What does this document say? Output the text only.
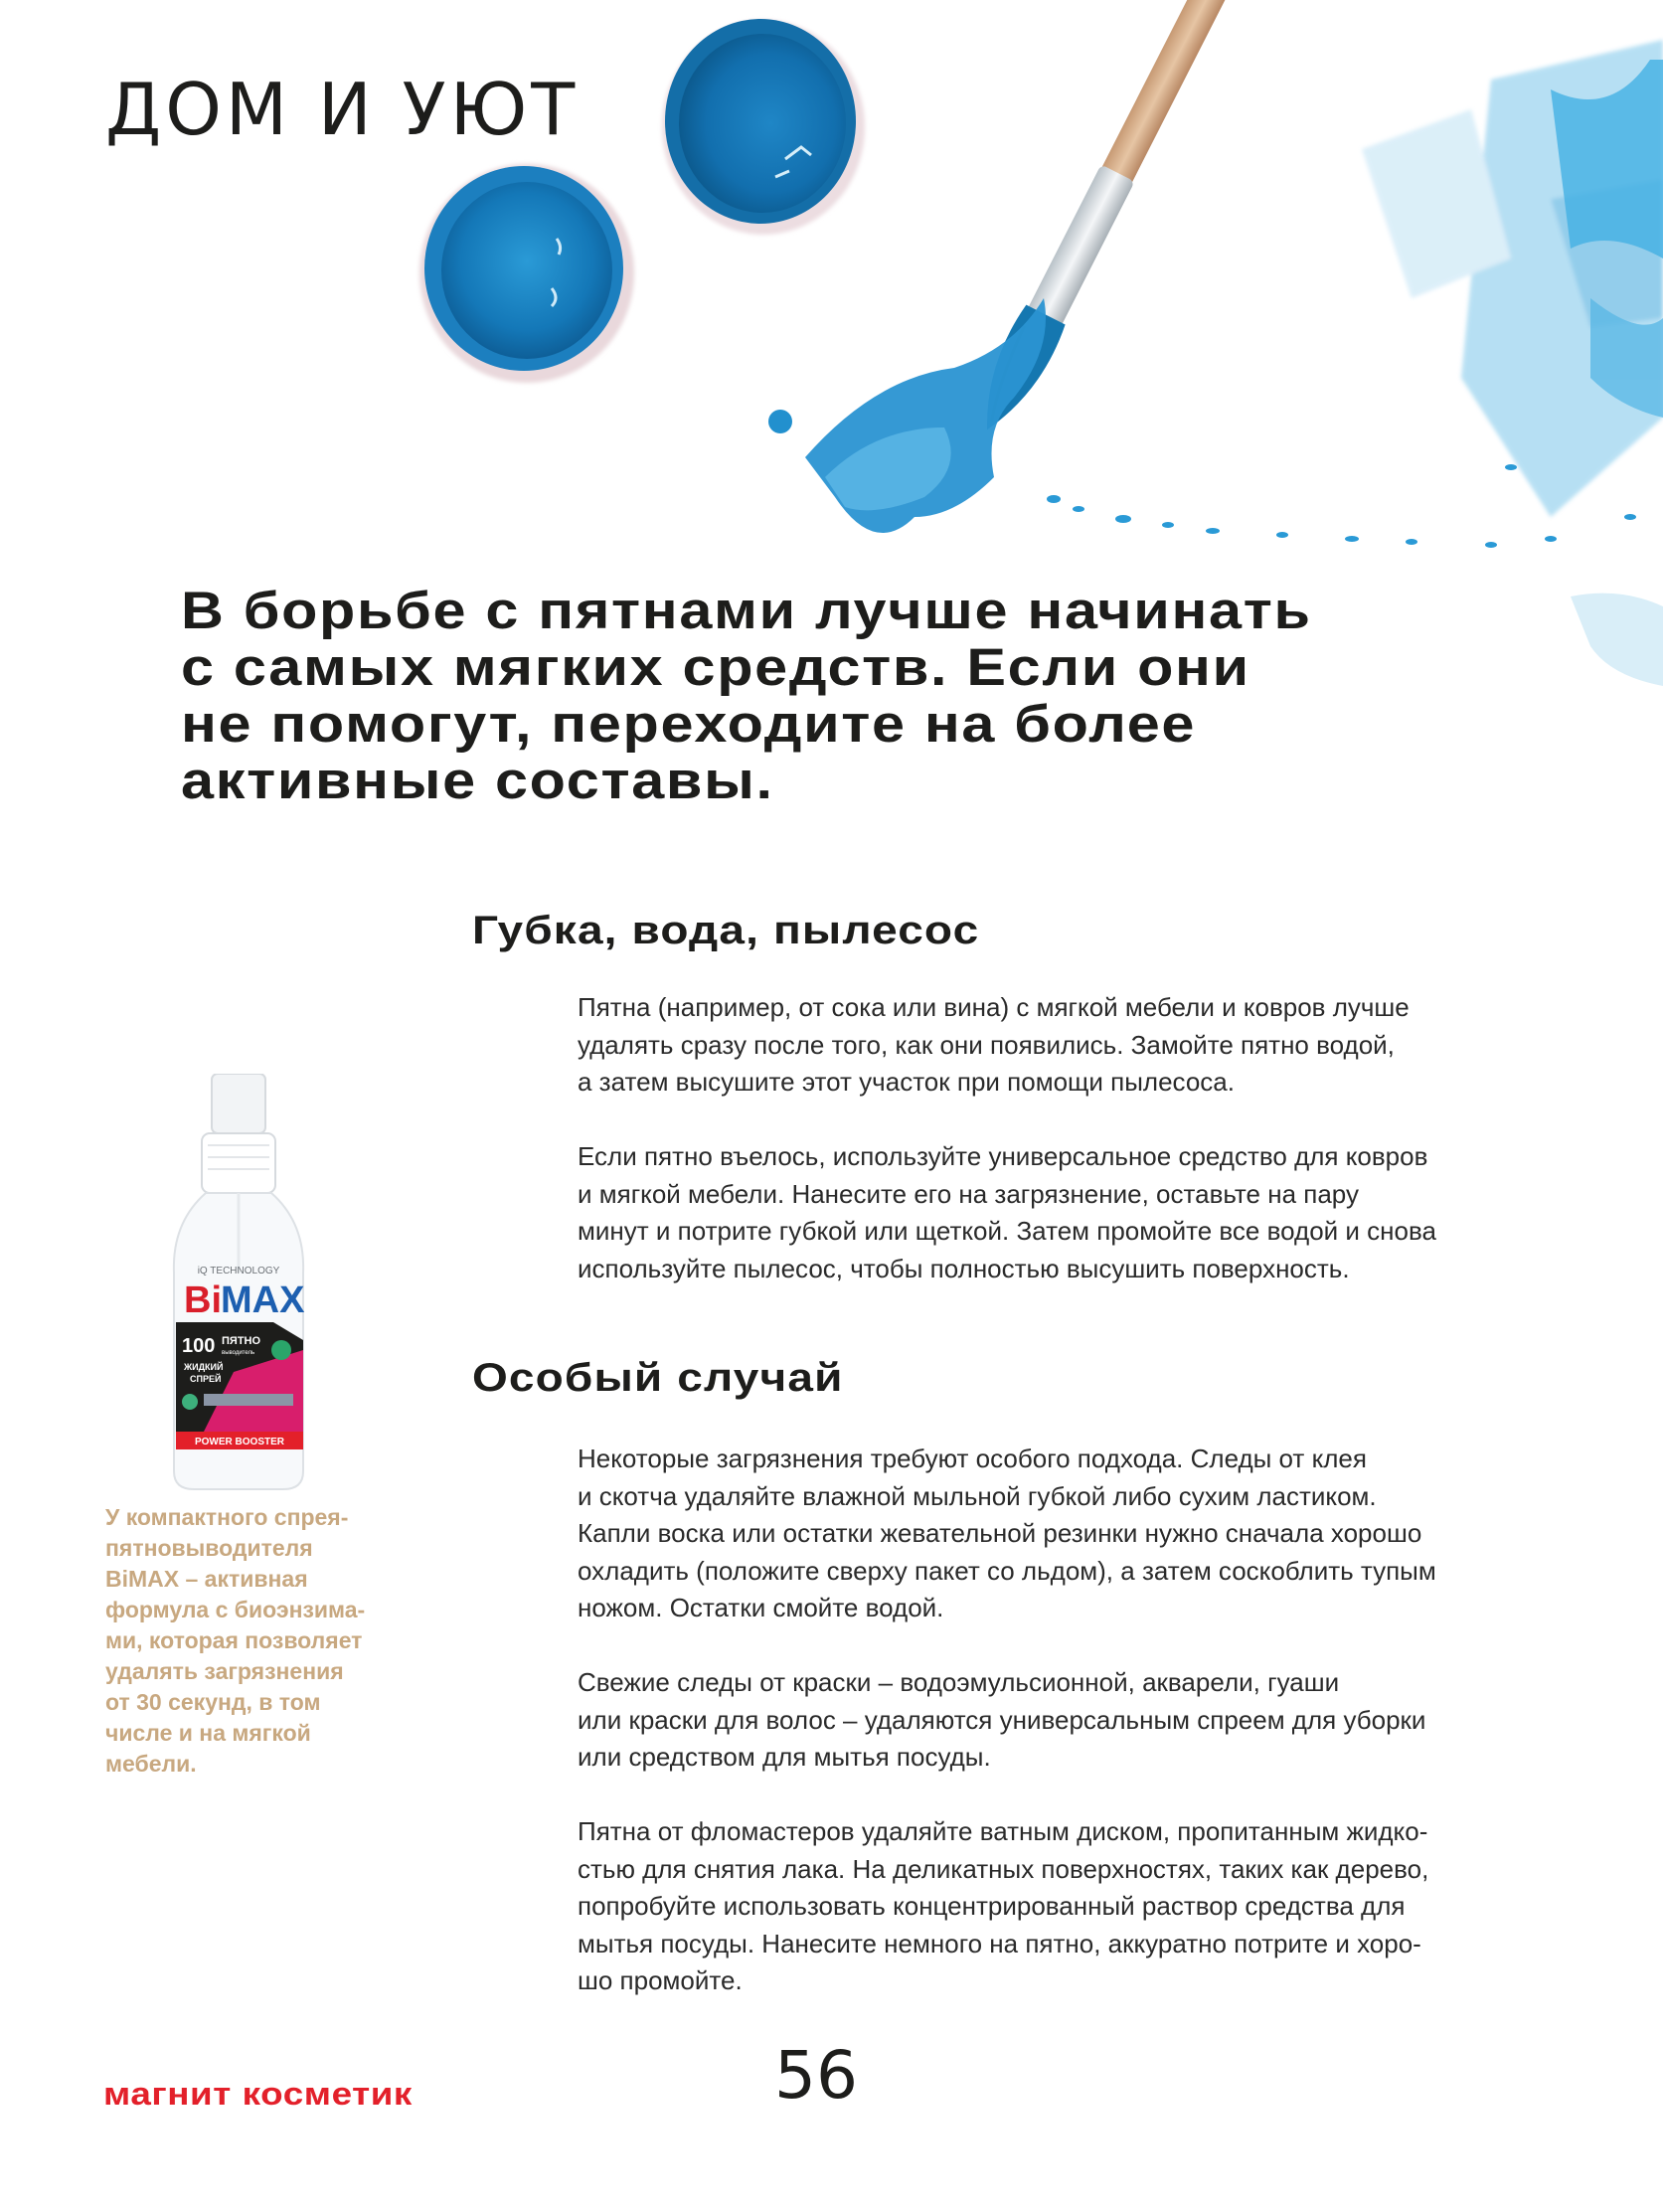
ДОМ И УЮТ

В борьбе с пятнами лучше начинать
с самых мягких средств. Если они
не помогут, переходите на более
активные составы.

Губка, вода, пылесос

Пятна (например, от сока или вина) с мягкой мебели и ковров лучше
удалять сразу после того, как они появились. Замойте пятно водой,
а затем высушите этот участок при помощи пылесоса.

Если пятно въелось, используйте универсальное средство для ковров
и мягкой мебели. Нанесите его на загрязнение, оставьте на пару
минут и потрите губкой или щеткой. Затем промойте все водой и снова
используйте пылесос, чтобы полностью высушить поверхность.

Особый случай

Некоторые загрязнения требуют особого подхода. Следы от клея
и скотча удаляйте влажной мыльной губкой либо сухим ластиком.
Капли воска или остатки жевательной резинки нужно сначала хорошо
охладить (положите сверху пакет со льдом), а затем соскоблить тупым
ножом. Остатки смойте водой.

Свежие следы от краски – водоэмульсионной, акварели, гуаши
или краски для волос – удаляются универсальным спреем для уборки
или средством для мытья посуды.

Пятна от фломастеров удаляйте ватным диском, пропитанным жидко-
стью для снятия лака. На деликатных поверхностях, таких как дерево,
попробуйте использовать концентрированный раствор средства для
мытья посуды. Нанесите немного на пятно, аккуратно потрите и хоро-
шо промойте.

iQ TECHNOLOGY
Bi MAX
100 ПЯТНО
выводитель
ЖИДКИЙ
СПРЕЙ
POWER BOOSTER

У компактного спрея-
пятновыводителя
BiMAX – активная
формула с биоэнзима-
ми, которая позволяет
удалять загрязнения
от 30 секунд, в том
числе и на мягкой
мебели.

магнит косметик	56
